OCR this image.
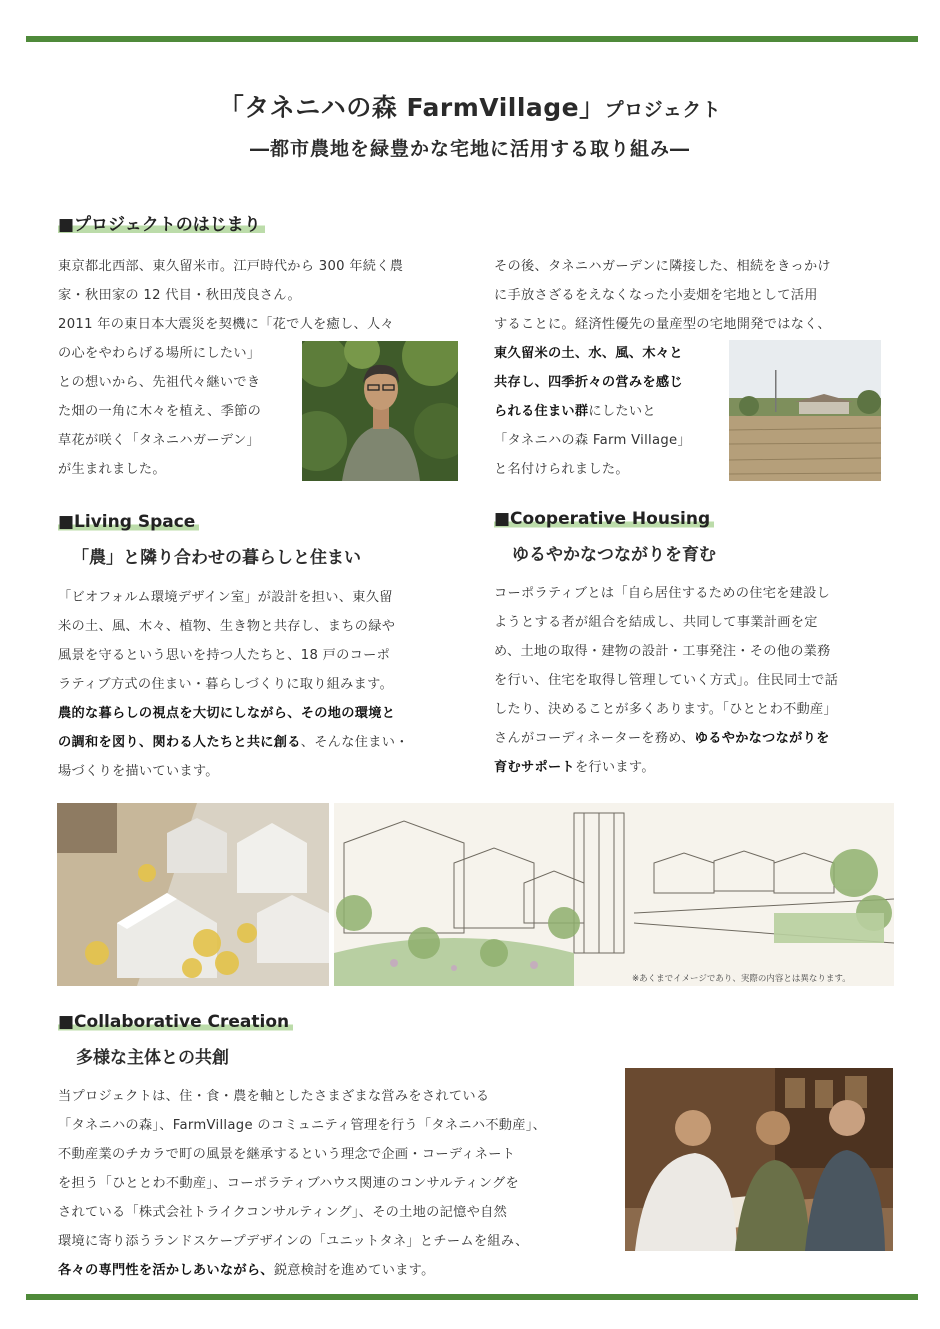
「タネニハの森 FarmVillage」プロジェクト
―都市農地を緑豊かな宅地に活用する取り組み―
■プロジェクトのはじまり
東京都北西部、東久留米市。江戸時代から 300 年続く農
家・秋田家の 12 代目・秋田茂良さん。
2011 年の東日本大震災を契機に「花で人を癒し、人々
の心をやわらげる場所にしたい」
との想いから、先祖代々継いでき
た畑の一角に木々を植え、季節の
草花が咲く「タネニハガーデン」
が生まれました。
その後、タネニハガーデンに隣接した、相続をきっかけ
に手放さざるをえなくなった小麦畑を宅地として活用
することに。経済性優先の量産型の宅地開発ではなく、
東久留米の土、水、風、木々と
共存し、四季折々の営みを感じ
られる住まい群にしたいと
「タネニハの森 Farm Village」
と名付けられました。
■Living Space
「農」と隣り合わせの暮らしと住まい
「ビオフォルム環境デザイン室」が設計を担い、東久留
米の土、風、木々、植物、生き物と共存し、まちの緑や
風景を守るという思いを持つ人たちと、18 戸のコーポ
ラティブ方式の住まい・暮らしづくりに取り組みます。
農的な暮らしの視点を大切にしながら、その地の環境と
の調和を図り、関わる人たちと共に創る、そんな住まい・
場づくりを描いています。
■Cooperative Housing
ゆるやかなつながりを育む
コーポラティブとは「自ら居住するための住宅を建設し
ようとする者が組合を結成し、共同して事業計画を定
め、土地の取得・建物の設計・工事発注・その他の業務
を行い、住宅を取得し管理していく方式」。住民同士で話
したり、決めることが多くあります。「ひととわ不動産」
さんがコーディネーターを務め、ゆるやかなつながりを
育むサポートを行います。
※あくまでイメージであり、実際の内容とは異なります。
■Collaborative Creation
多様な主体との共創
当プロジェクトは、住・食・農を軸としたさまざまな営みをされている
「タネニハの森」、FarmVillage のコミュニティ管理を行う「タネニハ不動産」、
不動産業のチカラで町の風景を継承するという理念で企画・コーディネート
を担う「ひととわ不動産」、コーポラティブハウス関連のコンサルティングを
されている「株式会社トライクコンサルティング」、その土地の記憶や自然
環境に寄り添うランドスケープデザインの「ユニットタネ」とチームを組み、
各々の専門性を活かしあいながら、鋭意検討を進めています。
